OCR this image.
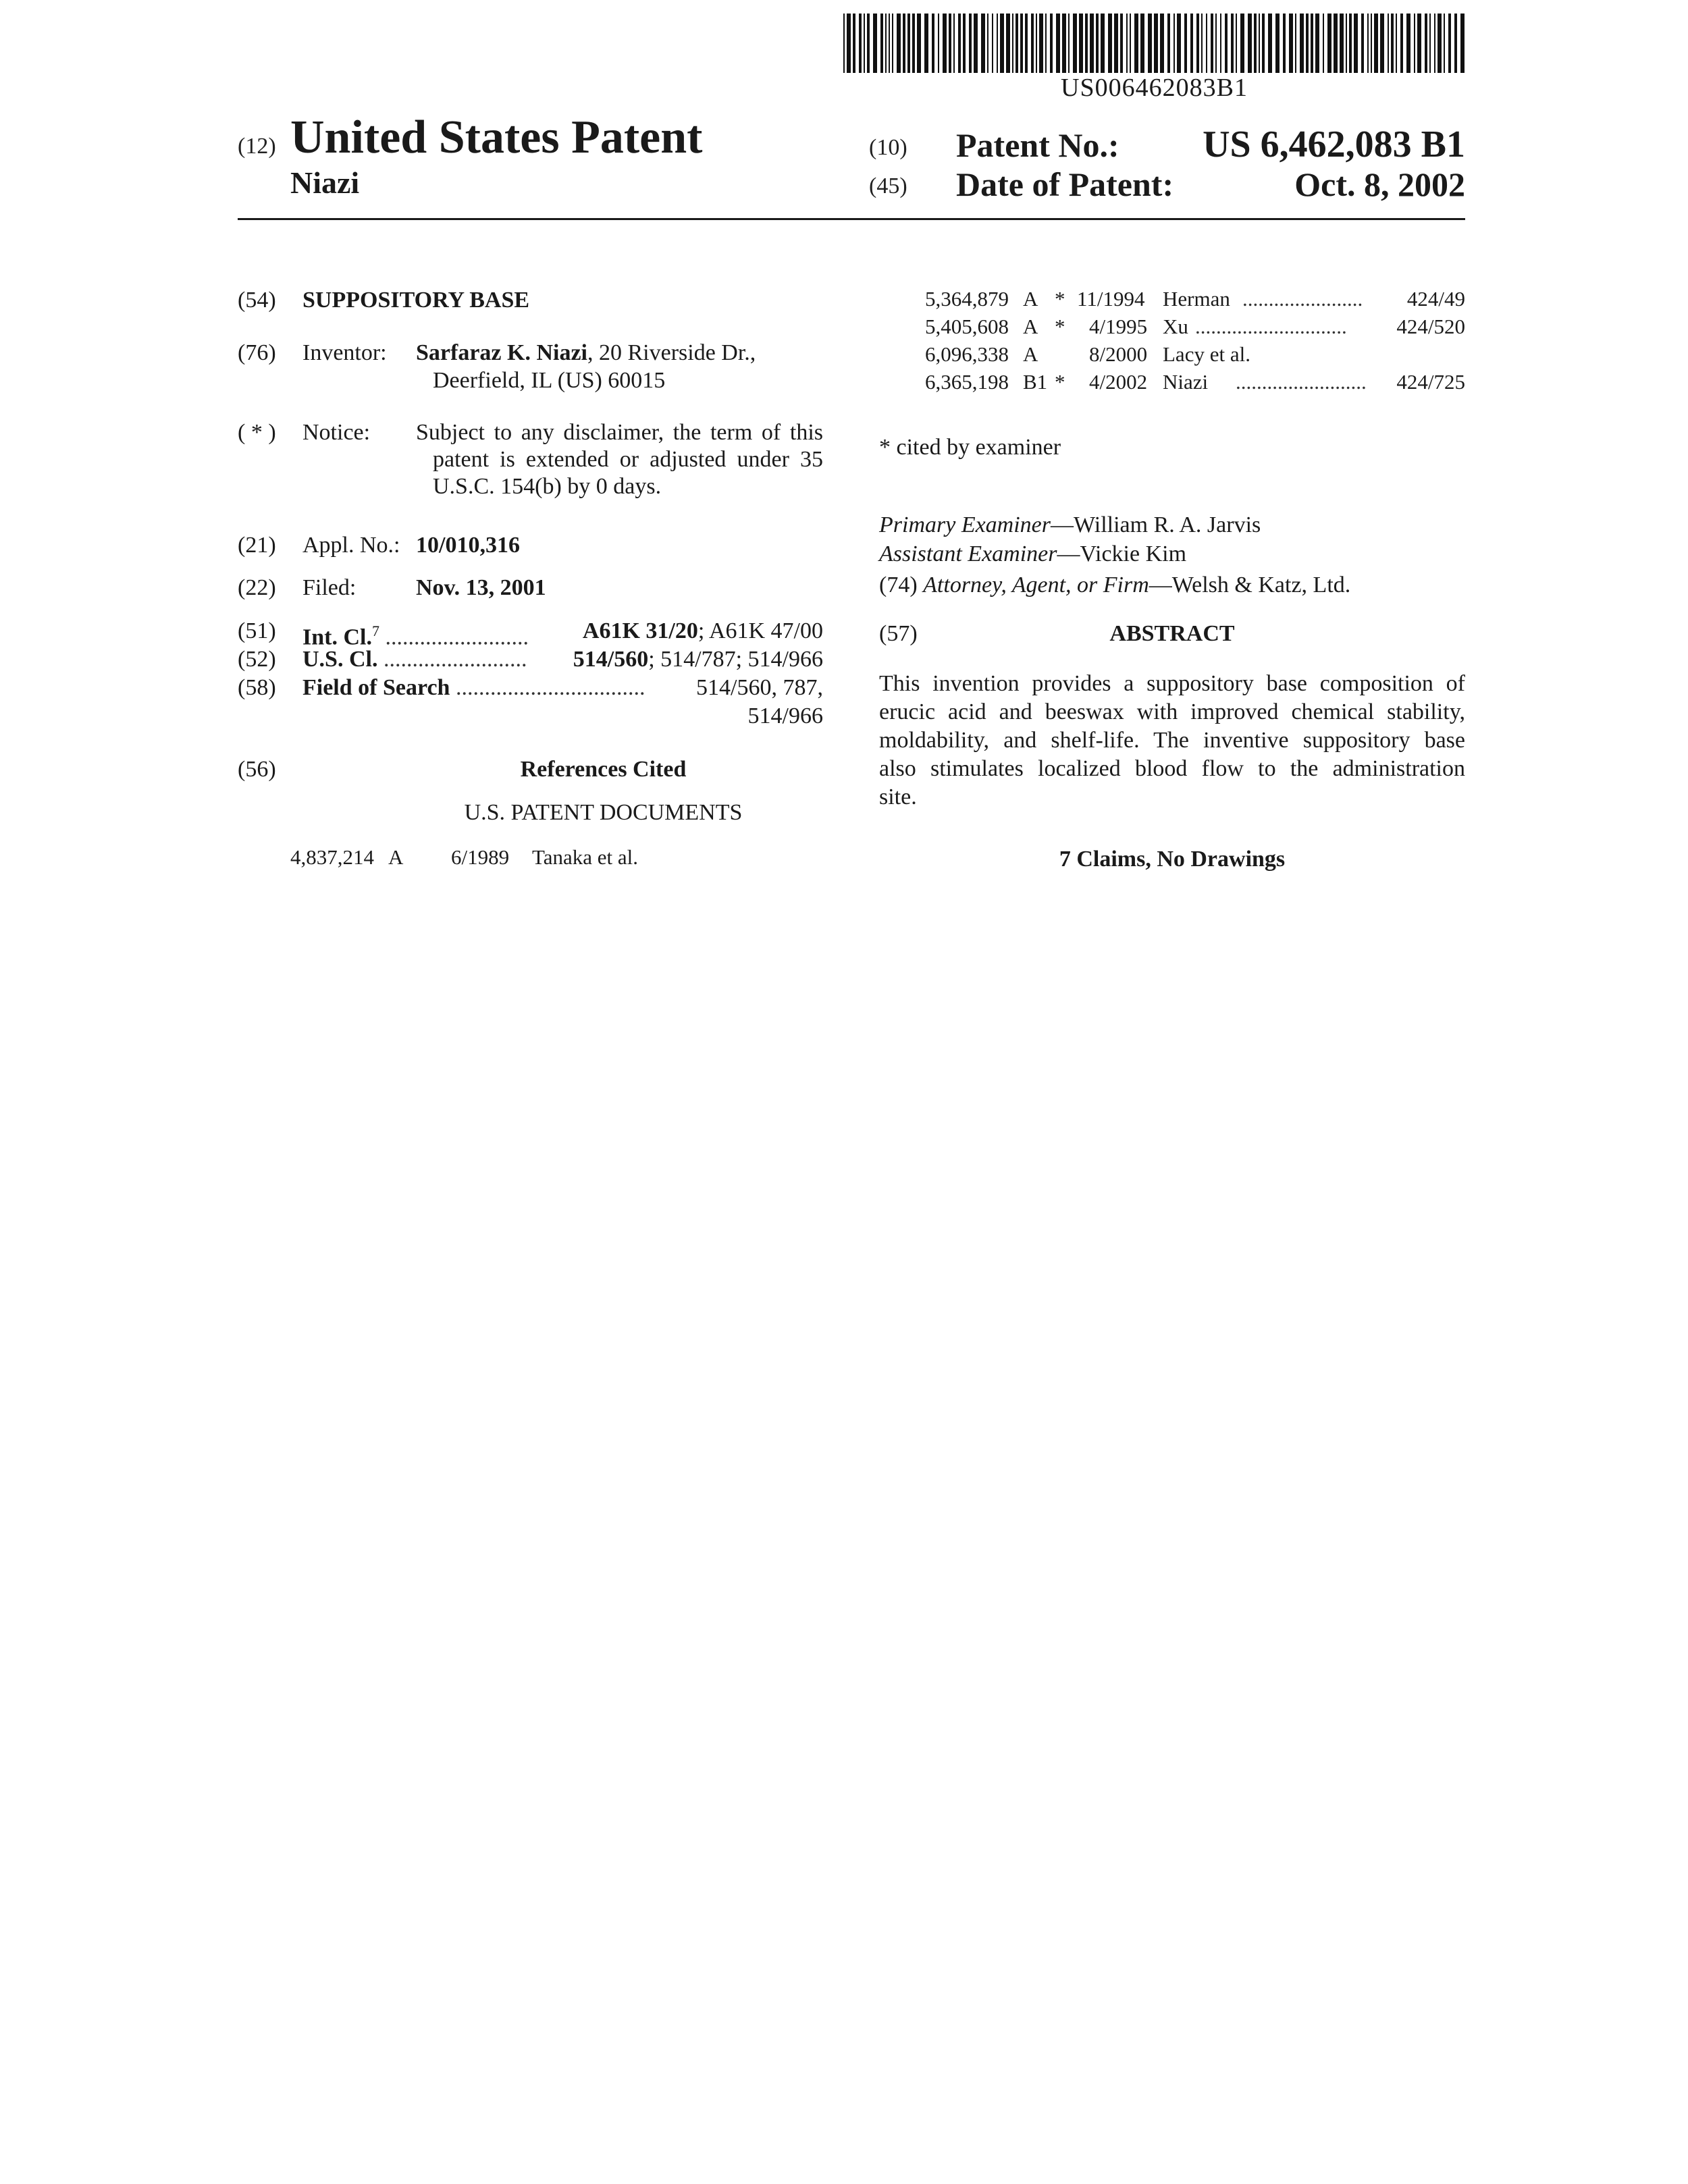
US006462083B1
(12) United States Patent
Niazi
(10) Patent No.: US 6,462,083 B1
(45) Date of Patent:	Oct. 8, 2002
(54) SUPPOSITORY BASE
(76) Inventor: Sarfaraz K. Niazi, 20 Riverside Dr.,
Deerfield, IL (US) 60015
( * ) Notice: Subject to any disclaimer, the term of this
patent is extended or adjusted under 35
U.S.C. 154(b) by 0 days.
(21) Appl. No.: 10/010,316
(22) Filed:	Nov. 13, 2001
(51) Int. Cl.$^7$ ......................... A61K 31/20; A61K 47/00
(52) U.S. Cl. ......................... 514/560; 514/787; 514/966
(58) Field of Search ................................. 514/560, 787,
514/966
(56)	References Cited
U.S. PATENT DOCUMENTS
4,837,214 A 6/1989 Tanaka et al.
5,364,879 A * 11/1994 Herman ....................... 424/49
5,405,608 A * 4/1995 Xu ............................. 424/520
6,096,338 A 8/2000 Lacy et al.
6,365,198 B1 * 4/2002 Niazi ......................... 424/725
* cited by examiner
Primary Examiner—William R. A. Jarvis
Assistant Examiner—Vickie Kim
(74) Attorney, Agent, or Firm—Welsh & Katz, Ltd.
(57)	ABSTRACT
This invention provides a suppository base composition of
erucic acid and beeswax with improved chemical stability,
moldability, and shelf-life. The inventive suppository base
also stimulates localized blood flow to the administration
site.
7 Claims, No Drawings
